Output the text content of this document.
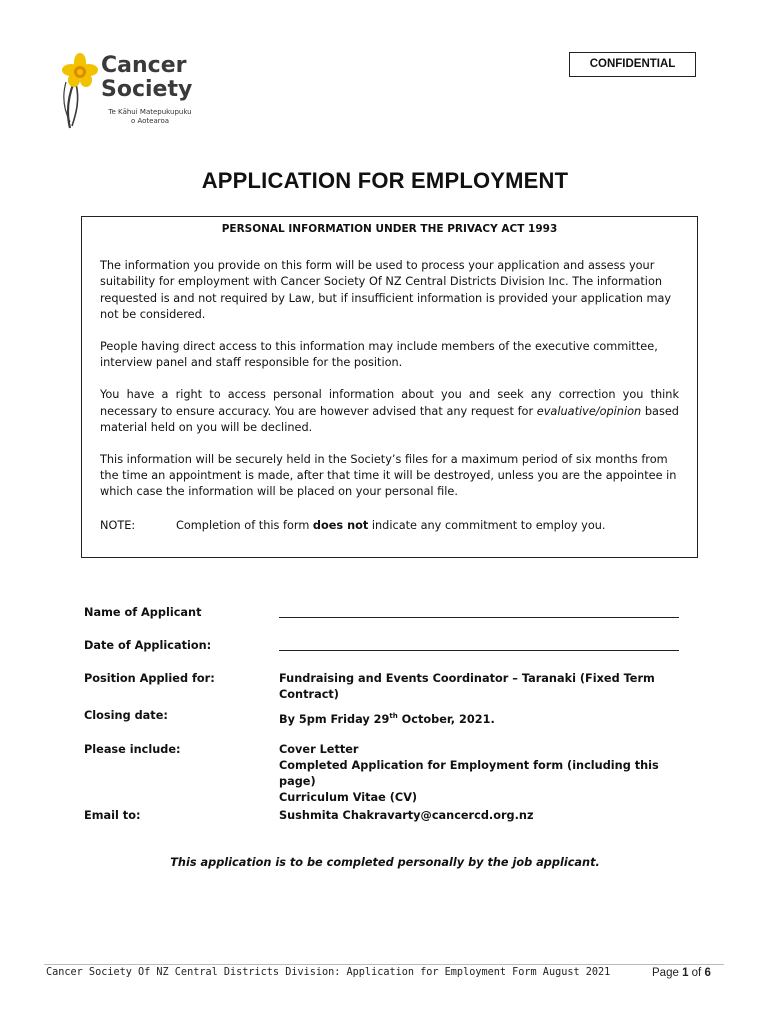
Cancer
Society
Te Kāhui Matepukupuku
o Aotearoa
CONFIDENTIAL
APPLICATION FOR EMPLOYMENT
PERSONAL INFORMATION UNDER THE PRIVACY ACT 1993

The information you provide on this form will be used to process your application and assess your suitability for employment with Cancer Society Of NZ Central Districts Division Inc. The information requested is and not required by Law, but if insufficient information is provided your application may not be considered.

People having direct access to this information may include members of the executive committee, interview panel and staff responsible for the position.

You have a right to access personal information about you and seek any correction you think necessary to ensure accuracy. You are however advised that any request for evaluative/opinion based material held on you will be declined.

This information will be securely held in the Society’s files for a maximum period of six months from the time an appointment is made, after that time it will be destroyed, unless you are the appointee in which case the information will be placed on your personal file.

NOTE:	Completion of this form does not indicate any commitment to employ you.

Name of Applicant
Date of Application:
Position Applied for:	Fundraising and Events Coordinator – Taranaki (Fixed Term Contract)
Closing date:	By 5pm Friday 29th October, 2021.
Please include:	Cover Letter
Completed Application for Employment form (including this page)
Curriculum Vitae (CV)
Email to:	Sushmita Chakravarty@cancercd.org.nz
This application is to be completed personally by the job applicant.
Cancer Society Of NZ Central Districts Division: Application for Employment Form August 2021	Page 1 of 6
